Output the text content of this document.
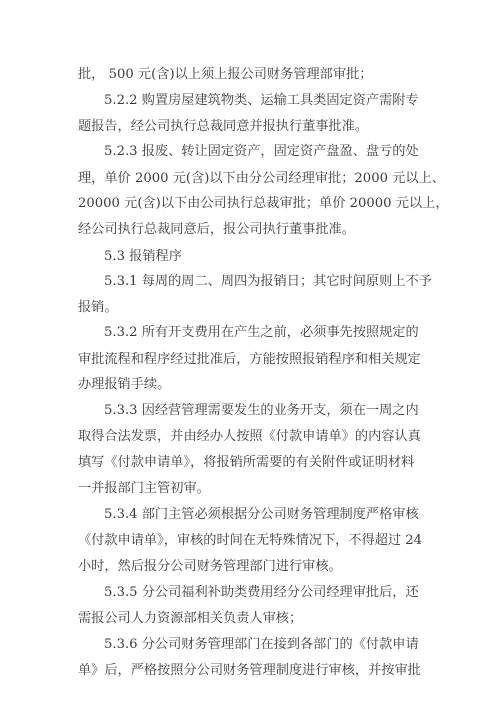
批， 500 元(含)以上须上报公司财务管理部审批；
5.2.2 购置房屋建筑物类、运输工具类固定资产需附专
题报告，经公司执行总裁同意并报执行董事批准。
5.2.3 报废、转让固定资产，固定资产盘盈、盘亏的处
理，单价 2000 元(含)以下由分公司经理审批；2000 元以上、
20000 元(含)以下由公司执行总裁审批；单价 20000 元以上，
经公司执行总裁同意后，报公司执行董事批准。
5.3 报销程序
5.3.1 每周的周二、周四为报销日；其它时间原则上不予
报销。
5.3.2 所有开支费用在产生之前，必须事先按照规定的
审批流程和程序经过批准后，方能按照报销程序和相关规定
办理报销手续。
5.3.3 因经营管理需要发生的业务开支，须在一周之内
取得合法发票，并由经办人按照《付款申请单》的内容认真
填写《付款申请单》，将报销所需要的有关附件或证明材料
一并报部门主管初审。
5.3.4 部门主管必须根据分公司财务管理制度严格审核
《付款申请单》，审核的时间在无特殊情况下，不得超过 24
小时，然后报分公司财务管理部门进行审核。
5.3.5 分公司福利补助类费用经分公司经理审批后，还
需报公司人力资源部相关负责人审核；
5.3.6 分公司财务管理部门在接到各部门的《付款申请
单》后，严格按照分公司财务管理制度进行审核，并按审批
